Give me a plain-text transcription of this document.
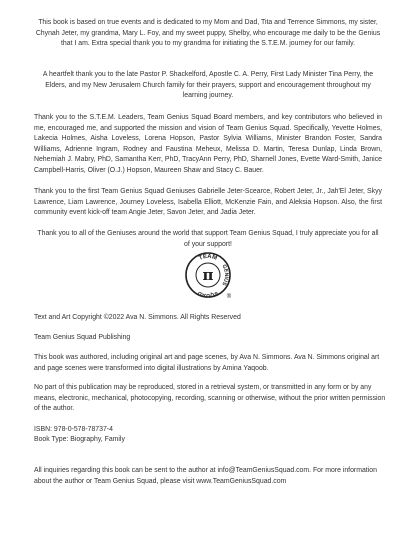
This book is based on true events and is dedicated to my Mom and Dad, Tita and Terrence Simmons, my sister, Chynah Jeter, my grandma, Mary L. Foy, and my sweet puppy, Shelby, who encourage me daily to be the Genius that I am. Extra special thank you to my grandma for initiating the S.T.E.M. journey for our family.

A heartfelt thank you to the late Pastor P. Shackelford, Apostle C. A. Perry, First Lady Minister Tina Perry, the Elders, and my New Jerusalem Church family for their prayers, support and encouragement throughout my learning journey.

Thank you to the S.T.E.M. Leaders, Team Genius Squad Board members, and key contributors who believed in me, encouraged me, and supported the mission and vision of Team Genius Squad. Specifically, Yevette Holmes, Lakecia Holmes, Aisha Loveless, Lorena Hopson, Pastor Sylvia Williams, Minister Brandon Foster, Sandra Williams, Adrienne Ingram, Rodney and Faustina Meheux, Melissa D. Martin, Teresa Dunlap, Linda Brown, Nehemiah J. Mabry, PhD, Samantha Kerr, PhD, TracyAnn Perry, PhD, Sharnell Jones, Evette Ward-Smith, Janice Campbell-Harris, Oliver (O.J.) Hopson, Maureen Shaw and Stacy C. Bauer.

Thank you to the first Team Genius Squad Geniuses Gabrielle Jeter-Scearce, Robert Jeter, Jr., Jah'El Jeter, Skyy Lawrence, Liam Lawrence, Journey Loveless, Isabella Elliott, McKenzie Fain, and Aleksia Hopson. Also, the first community event kick-off team Angie Jeter, Savon Jeter, and Jadia Jeter.

Thank you to all of the Geniuses around the world that support Team Genius Squad, I truly appreciate you for all of your support!

TEAM
GENIUS
SQUAD
π
®

Text and Art Copyright ©2022 Ava N. Simmons. All Rights Reserved

Team Genius Squad Publishing

This book was authored, including original art and page scenes, by Ava N. Simmons. Ava N. Simmons original art and page scenes were transformed into digital illustrations by Amina Yaqoob.

No part of this publication may be reproduced, stored in a retrieval system, or transmitted in any form or by any means, electronic, mechanical, photocopying, recording, scanning or otherwise, without the prior written permission of the author.

ISBN: 978-0-578-78737-4

Book Type: Biography, Family

All inquiries regarding this book can be sent to the author at info@TeamGeniusSquad.com. For more information about the author or Team Genius Squad, please visit www.TeamGeniusSquad.com
